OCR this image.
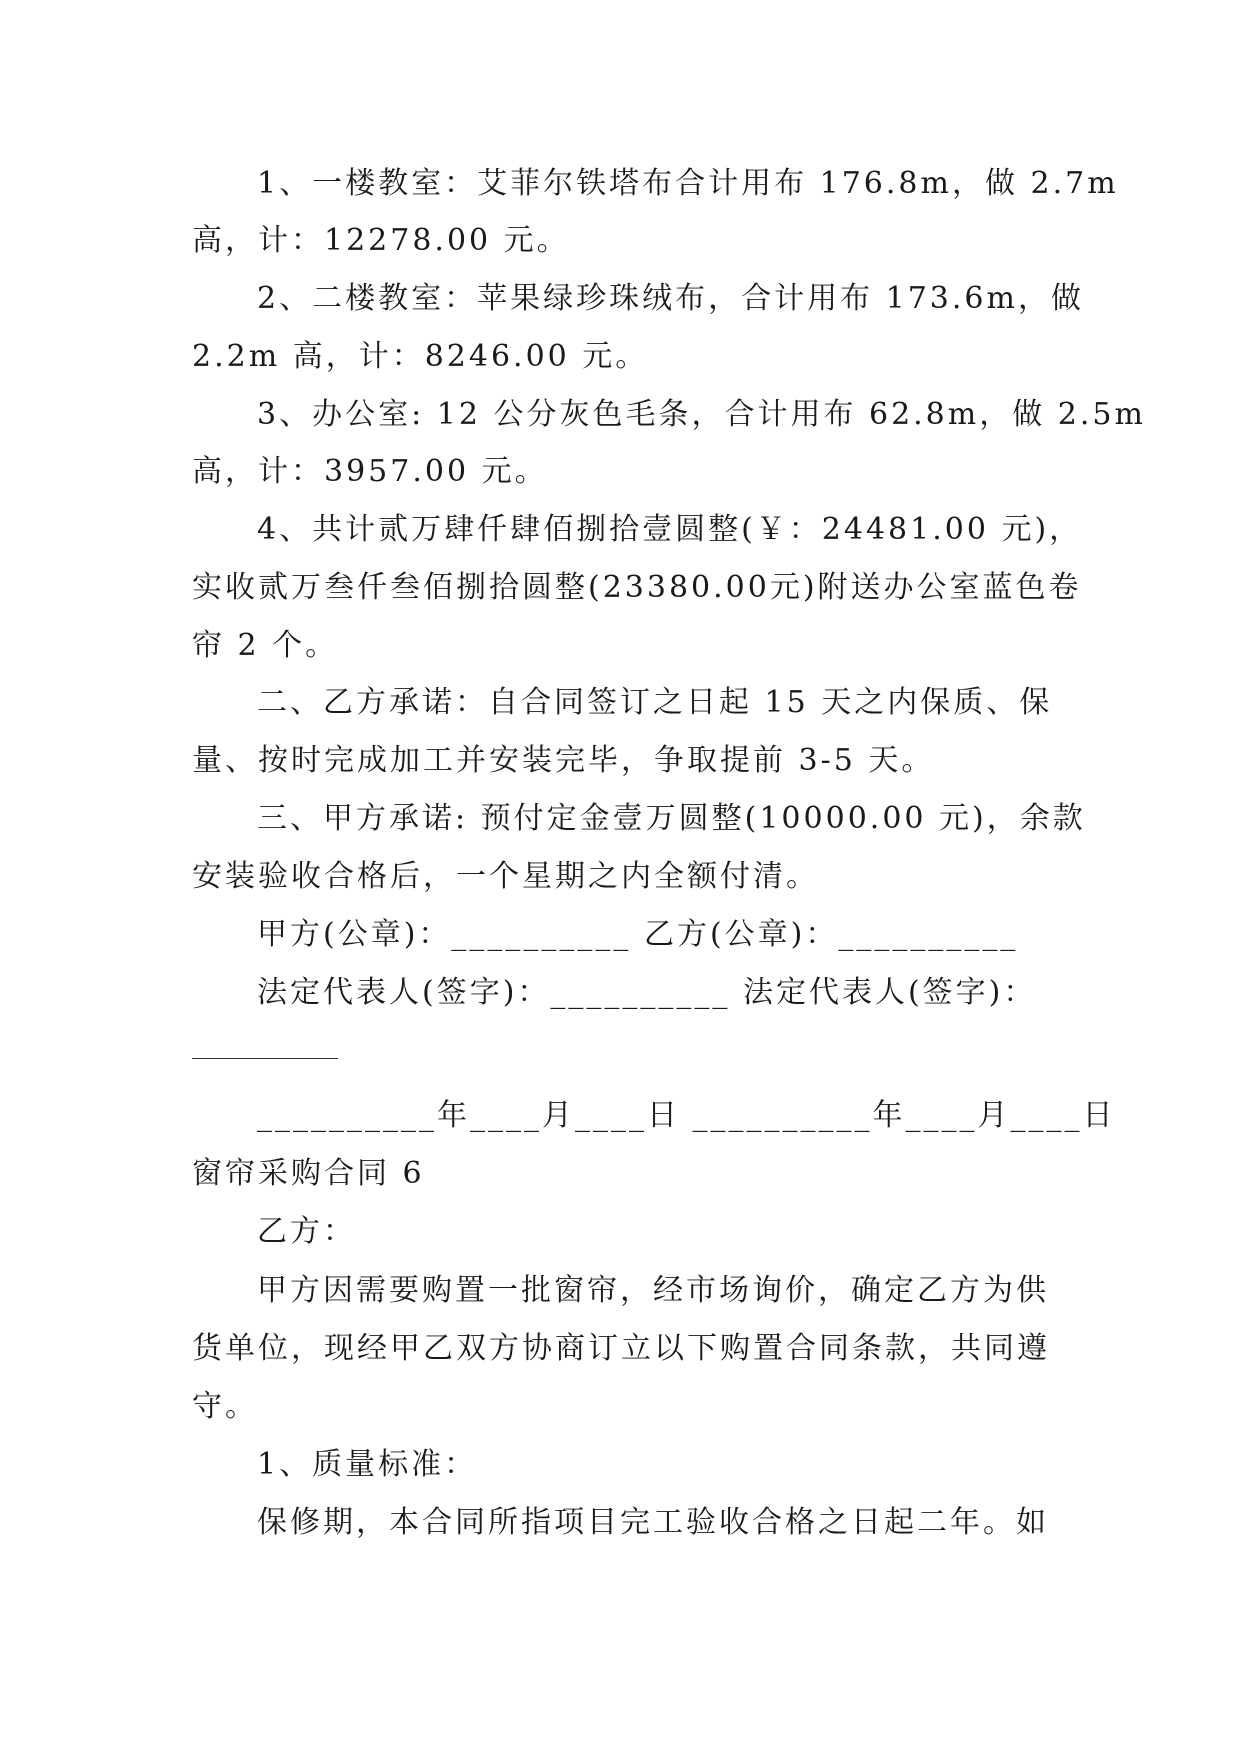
1、一楼教室：艾菲尔铁塔布合计用布 176.8m，做 2.7m
高，计：12278.00 元。
2、二楼教室：苹果绿珍珠绒布，合计用布 173.6m，做
2.2m 高，计：8246.00 元。
3、办公室: 12 公分灰色毛条，合计用布 62.8m，做 2.5m
高，计：3957.00 元。
4、共计贰万肆仟肆佰捌拾壹圆整(￥：24481.00 元)，
实收贰万叁仟叁佰捌拾圆整(23380.00元)附送办公室蓝色卷
帘 2 个。
二、乙方承诺：自合同签订之日起 15 天之内保质、保
量、按时完成加工并安装完毕，争取提前 3-5 天。
三、甲方承诺: 预付定金壹万圆整(10000.00 元)，余款
安装验收合格后，一个星期之内全额付清。
甲方(公章)：__________ 乙方(公章)：__________
法定代表人(签字)：__________ 法定代表人(签字)：
__________年____月____日 __________年____月____日
窗帘采购合同 6
乙方：
甲方因需要购置一批窗帘，经市场询价，确定乙方为供
货单位，现经甲乙双方协商订立以下购置合同条款，共同遵
守。
1、质量标准：
保修期，本合同所指项目完工验收合格之日起二年。如
